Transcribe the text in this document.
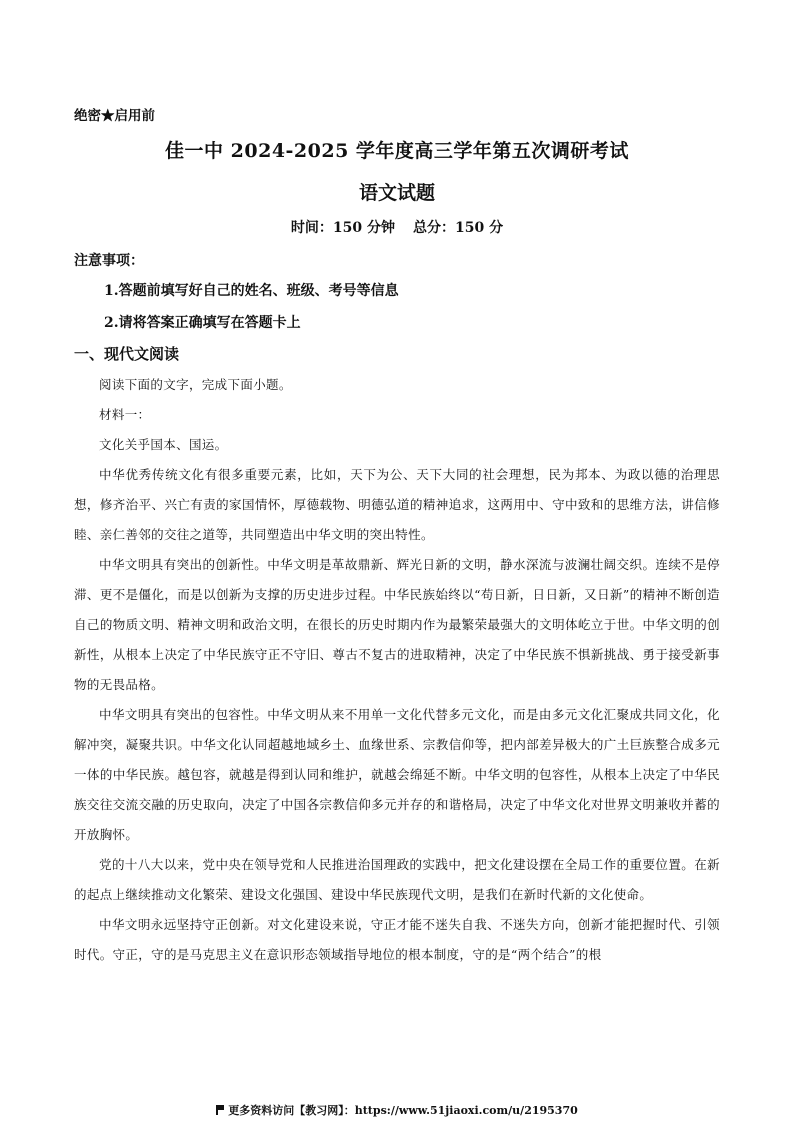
绝密★启用前
佳一中 2024-2025 学年度高三学年第五次调研考试
语文试题
时间：150 分钟 总分：150 分
注意事项：
1.答题前填写好自己的姓名、班级、考号等信息
2.请将答案正确填写在答题卡上
一、现代文阅读

阅读下面的文字，完成下面小题。

材料一：

文化关乎国本、国运。

中华优秀传统文化有很多重要元素，比如，天下为公、天下大同的社会理想，民为邦本、为政以德的治理思想，修齐治平、兴亡有责的家国情怀，厚德载物、明德弘道的精神追求，这两用中、守中致和的思维方法，讲信修睦、亲仁善邻的交往之道等，共同塑造出中华文明的突出特性。

中华文明具有突出的创新性。中华文明是革故鼎新、辉光日新的文明，静水深流与波澜壮阔交织。连续不是停滞、更不是僵化，而是以创新为支撑的历史进步过程。中华民族始终以“苟日新，日日新，又日新”的精神不断创造自己的物质文明、精神文明和政治文明，在很长的历史时期内作为最繁荣最强大的文明体屹立于世。中华文明的创新性，从根本上决定了中华民族守正不守旧、尊古不复古的进取精神，决定了中华民族不惧新挑战、勇于接受新事物的无畏品格。

中华文明具有突出的包容性。中华文明从来不用单一文化代替多元文化，而是由多元文化汇聚成共同文化，化解冲突，凝聚共识。中华文化认同超越地域乡土、血缘世系、宗教信仰等，把内部差异极大的广土巨族整合成多元一体的中华民族。越包容，就越是得到认同和维护，就越会绵延不断。中华文明的包容性，从根本上决定了中华民族交往交流交融的历史取向，决定了中国各宗教信仰多元并存的和谐格局，决定了中华文化对世界文明兼收并蓄的开放胸怀。

党的十八大以来，党中央在领导党和人民推进治国理政的实践中，把文化建设摆在全局工作的重要位置。在新的起点上继续推动文化繁荣、建设文化强国、建设中华民族现代文明，是我们在新时代新的文化使命。

中华文明永远坚持守正创新。对文化建设来说，守正才能不迷失自我、不迷失方向，创新才能把握时代、引领时代。守正，守的是马克思主义在意识形态领域指导地位的根本制度，守的是“两个结合”的根

更多资料访问【教习网】：https://www.51jiaoxi.com/u/2195370
